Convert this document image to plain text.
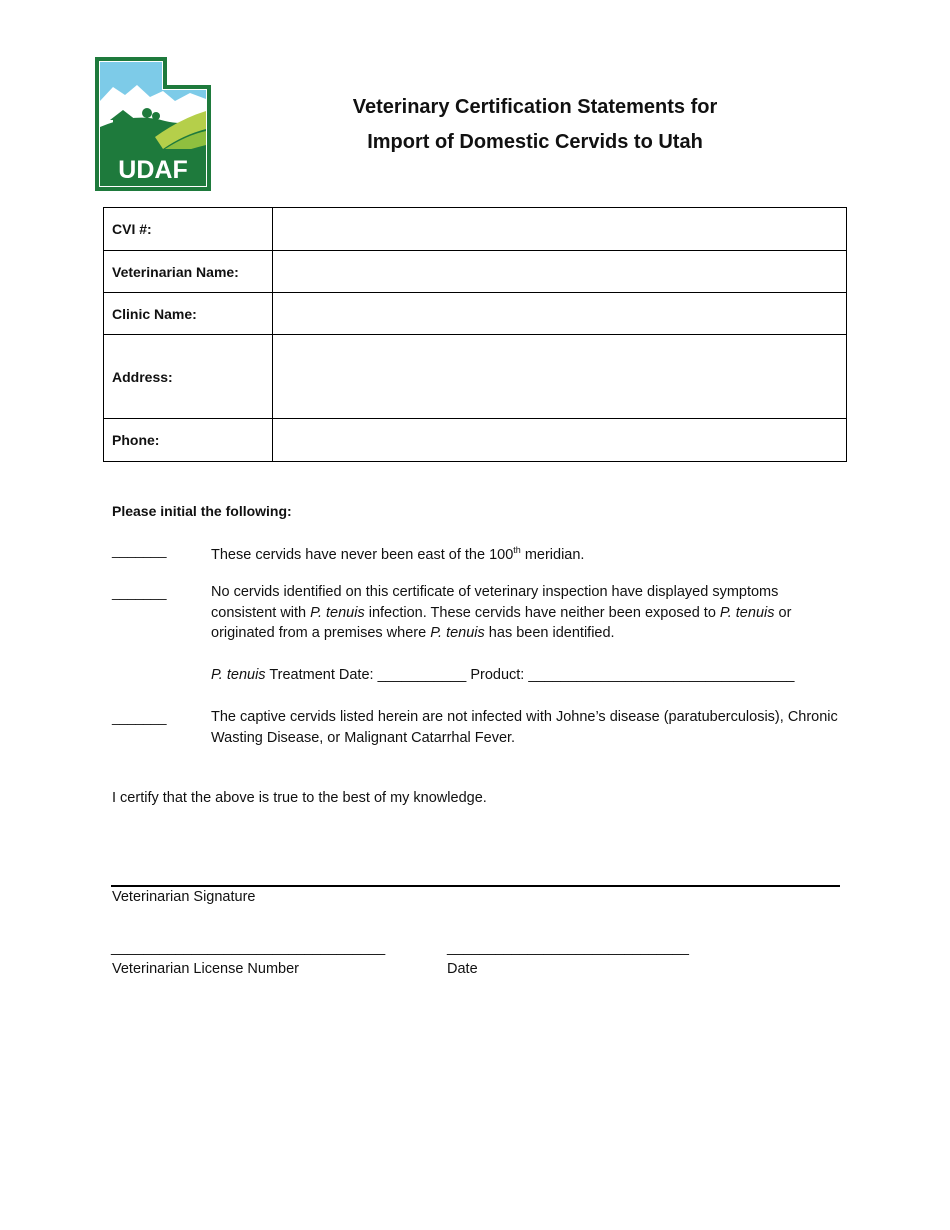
UDAF
Veterinary Certification Statements for
Import of Domestic Cervids to Utah
CVI #:	
Veterinarian Name:	
Clinic Name:	
Address:	
Phone:	
Please initial the following:
_______	These cervids have never been east of the 100th meridian.
_______	No cervids identified on this certificate of veterinary inspection have displayed symptoms consistent with P. tenuis infection. These cervids have neither been exposed to P. tenuis or originated from a premises where P. tenuis has been identified.
P. tenuis Treatment Date: ___________ Product: _________________________________
_______	The captive cervids listed herein are not infected with Johne’s disease (paratuberculosis), Chronic Wasting Disease, or Malignant Catarrhal Fever.
I certify that the above is true to the best of my knowledge.
Veterinarian Signature
__________________________________	______________________________
Veterinarian License Number	Date
